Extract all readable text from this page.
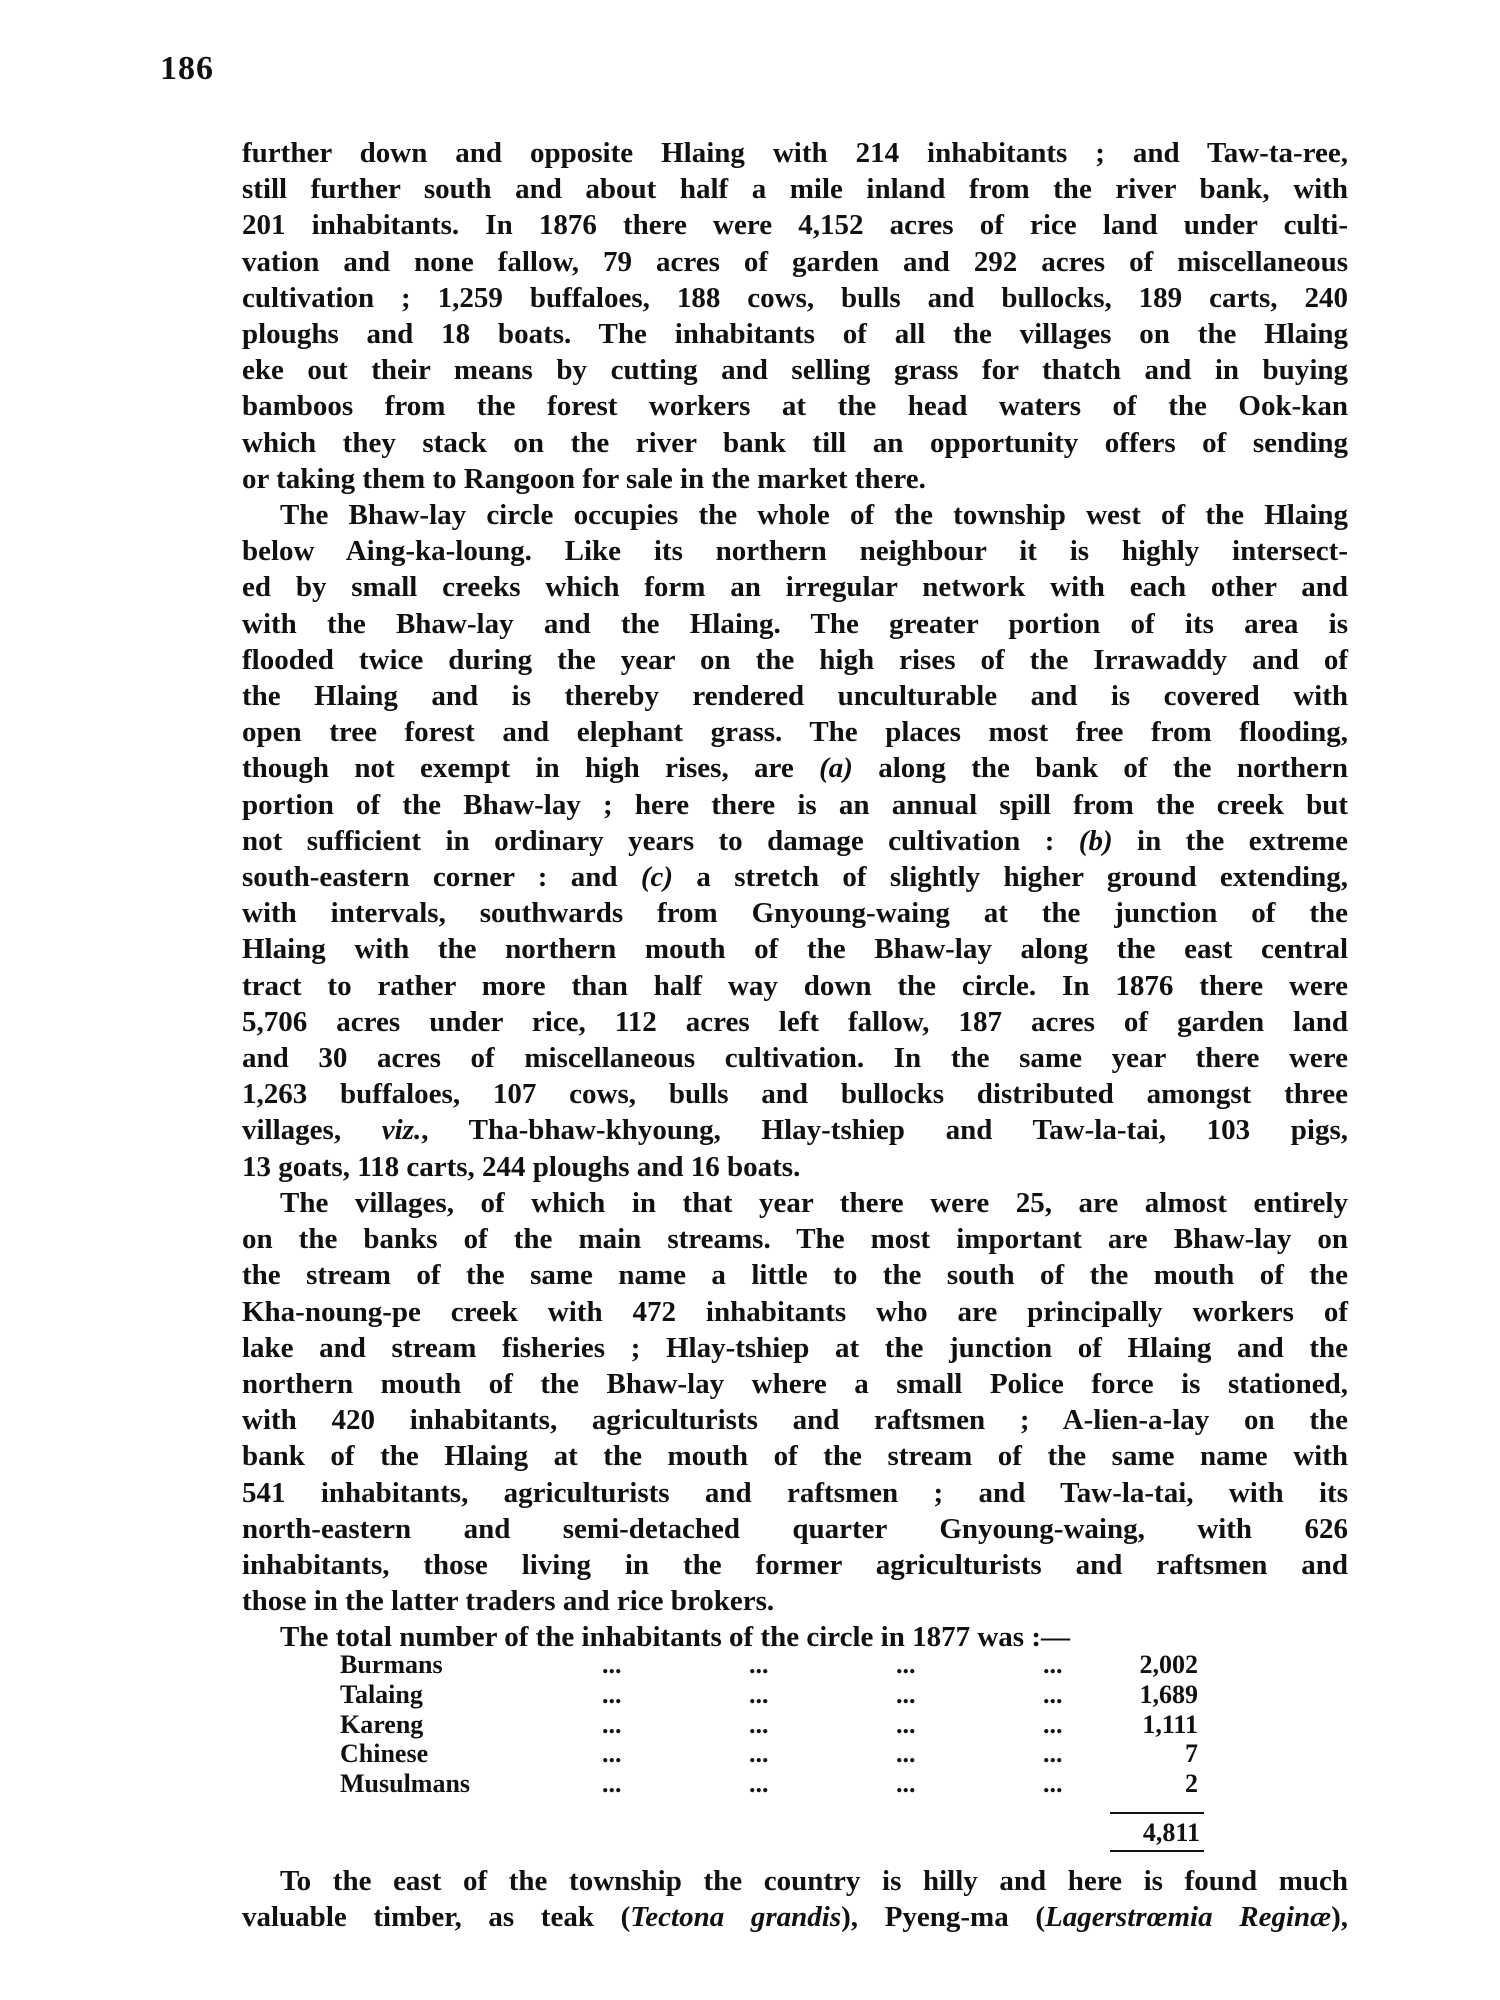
186
further down and opposite Hlaing with 214 inhabitants ; and Taw-ta-ree,
still further south and about half a mile inland from the river bank, with
201 inhabitants. In 1876 there were 4,152 acres of rice land under culti-
vation and none fallow, 79 acres of garden and 292 acres of miscellaneous
cultivation ; 1,259 buffaloes, 188 cows, bulls and bullocks, 189 carts, 240
ploughs and 18 boats. The inhabitants of all the villages on the Hlaing
eke out their means by cutting and selling grass for thatch and in buying
bamboos from the forest workers at the head waters of the Ook-kan
which they stack on the river bank till an opportunity offers of sending
or taking them to Rangoon for sale in the market there.
The Bhaw-lay circle occupies the whole of the township west of the Hlaing
below Aing-ka-loung. Like its northern neighbour it is highly intersect-
ed by small creeks which form an irregular network with each other and
with the Bhaw-lay and the Hlaing. The greater portion of its area is
flooded twice during the year on the high rises of the Irrawaddy and of
the Hlaing and is thereby rendered unculturable and is covered with
open tree forest and elephant grass. The places most free from flooding,
though not exempt in high rises, are (a) along the bank of the northern
portion of the Bhaw-lay ; here there is an annual spill from the creek but
not sufficient in ordinary years to damage cultivation : (b) in the extreme
south-eastern corner : and (c) a stretch of slightly higher ground extending,
with intervals, southwards from Gnyoung-waing at the junction of the
Hlaing with the northern mouth of the Bhaw-lay along the east central
tract to rather more than half way down the circle. In 1876 there were
5,706 acres under rice, 112 acres left fallow, 187 acres of garden land
and 30 acres of miscellaneous cultivation. In the same year there were
1,263 buffaloes, 107 cows, bulls and bullocks distributed amongst three
villages, viz., Tha-bhaw-khyoung, Hlay-tshiep and Taw-la-tai, 103 pigs,
13 goats, 118 carts, 244 ploughs and 16 boats.
The villages, of which in that year there were 25, are almost entirely
on the banks of the main streams. The most important are Bhaw-lay on
the stream of the same name a little to the south of the mouth of the
Kha-noung-pe creek with 472 inhabitants who are principally workers of
lake and stream fisheries ; Hlay-tshiep at the junction of Hlaing and the
northern mouth of the Bhaw-lay where a small Police force is stationed,
with 420 inhabitants, agriculturists and raftsmen ; A-lien-a-lay on the
bank of the Hlaing at the mouth of the stream of the same name with
541 inhabitants, agriculturists and raftsmen ; and Taw-la-tai, with its
north-eastern and semi-detached quarter Gnyoung-waing, with 626
inhabitants, those living in the former agriculturists and raftsmen and
those in the latter traders and rice brokers.
The total number of the inhabitants of the circle in 1877 was :—
Burmans	...	...	...	...	2,002
Talaing	...	...	...	...	1,689
Kareng	...	...	...	...	1,111
Chinese	...	...	...	...	7
Musulmans	...	...	...	...	2
4,811
To the east of the township the country is hilly and here is found much
valuable timber, as teak (Tectona grandis), Pyeng-ma (Lagerstrœmia Reginæ),
